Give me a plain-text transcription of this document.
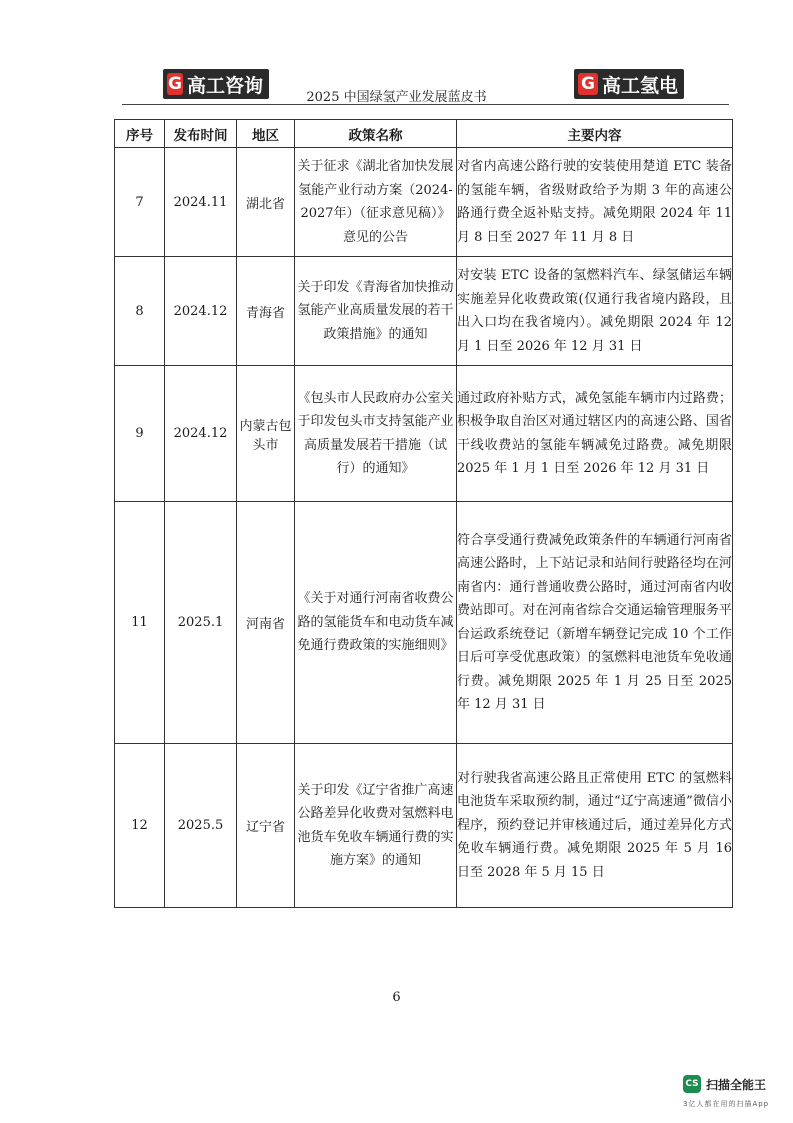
G 高工咨询
2025 中国绿氢产业发展蓝皮书
G 高工氢电
序号	发布时间	地区	政策名称	主要内容
7	2024.11	湖北省	关于征求《湖北省加快发展氢能产业行动方案（2024-2027年）（征求意见稿）》意见的公告	对省内高速公路行驶的安装使用楚道 ETC 装备的氢能车辆，省级财政给予为期 3 年的高速公路通行费全返补贴支持。减免期限 2024 年 11 月 8 日至 2027 年 11 月 8 日
8	2024.12	青海省	关于印发《青海省加快推动氢能产业高质量发展的若干政策措施》的通知	对安装 ETC 设备的氢燃料汽车、绿氢储运车辆实施差异化收费政策(仅通行我省境内路段，且出入口均在我省境内）。减免期限 2024 年 12 月 1 日至 2026 年 12 月 31 日
9	2024.12	内蒙古包头市	《包头市人民政府办公室关于印发包头市支持氢能产业高质量发展若干措施（试行）的通知》	通过政府补贴方式，减免氢能车辆市内过路费；积极争取自治区对通过辖区内的高速公路、国省干线收费站的氢能车辆减免过路费。减免期限 2025 年 1 月 1 日至 2026 年 12 月 31 日
11	2025.1	河南省	《关于对通行河南省收费公路的氢能货车和电动货车减免通行费政策的实施细则》	符合享受通行费减免政策条件的车辆通行河南省高速公路时，上下站记录和站间行驶路径均在河南省内：通行普通收费公路时，通过河南省内收费站即可。对在河南省综合交通运输管理服务平台运政系统登记（新增车辆登记完成 10 个工作日后可享受优惠政策）的氢燃料电池货车免收通行费。减免期限 2025 年 1 月 25 日至 2025 年 12 月 31 日
12	2025.5	辽宁省	关于印发《辽宁省推广高速公路差异化收费对氢燃料电池货车免收车辆通行费的实施方案》的通知	对行驶我省高速公路且正常使用 ETC 的氢燃料电池货车采取预约制，通过“辽宁高速通”微信小程序，预约登记并审核通过后，通过差异化方式免收车辆通行费。减免期限 2025 年 5 月 16 日至 2028 年 5 月 15 日
6
CS 扫描全能王
3亿人都在用的扫描App
